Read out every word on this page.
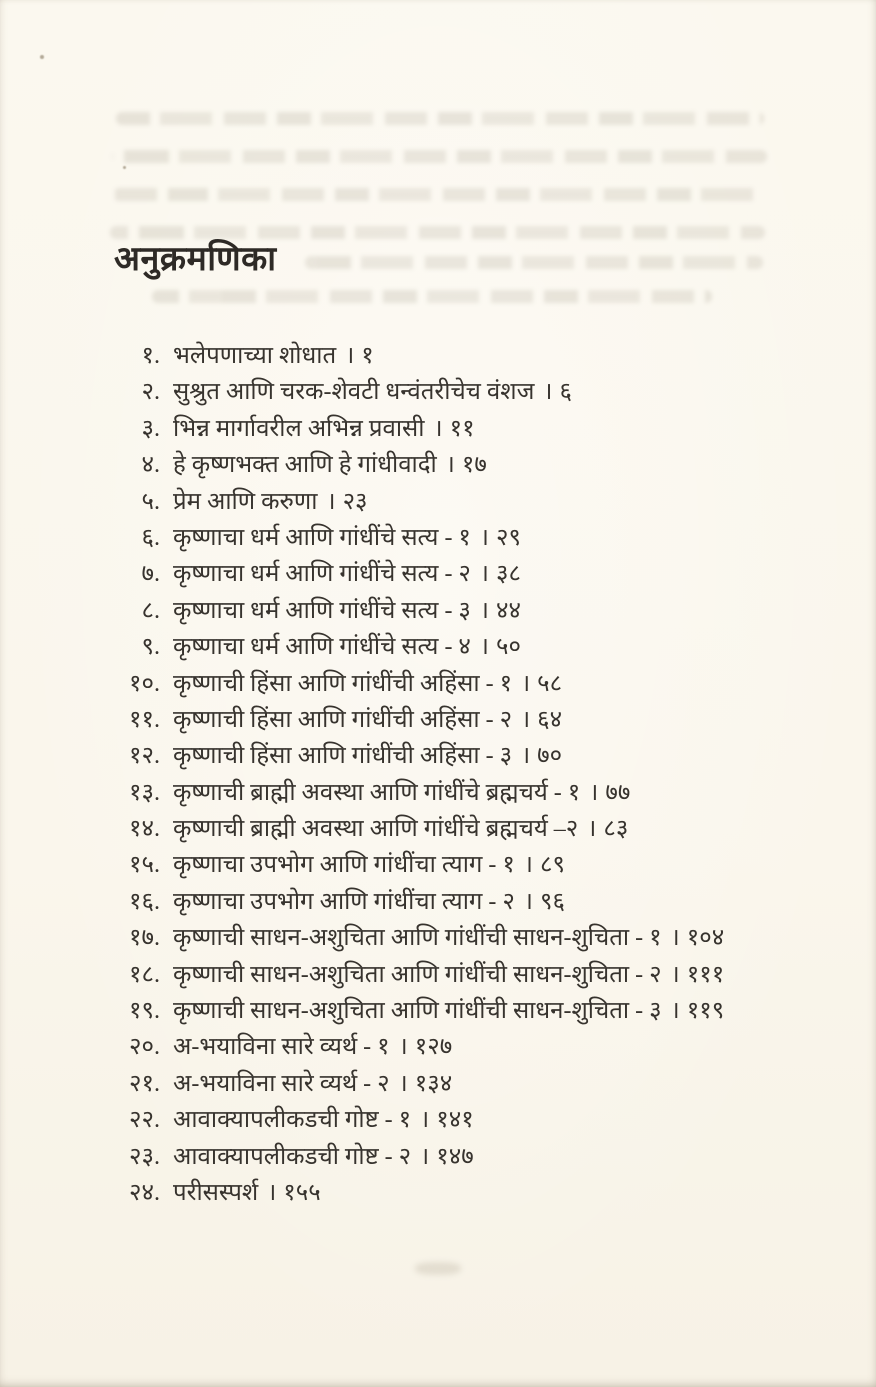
अनुक्रमणिका
१. भलेपणाच्या शोधात । १
२. सुश्रुत आणि चरक-शेवटी धन्वंतरीचेच वंशज । ६
३. भिन्न मार्गावरील अभिन्न प्रवासी । ११
४. हे कृष्णभक्त आणि हे गांधीवादी । १७
५. प्रेम आणि करुणा । २३
६. कृष्णाचा धर्म आणि गांधींचे सत्य - १ । २९
७. कृष्णाचा धर्म आणि गांधींचे सत्य - २ । ३८
८. कृष्णाचा धर्म आणि गांधींचे सत्य - ३ । ४४
९. कृष्णाचा धर्म आणि गांधींचे सत्य - ४ । ५०
१०. कृष्णाची हिंसा आणि गांधींची अहिंसा - १ । ५८
११. कृष्णाची हिंसा आणि गांधींची अहिंसा - २ । ६४
१२. कृष्णाची हिंसा आणि गांधींची अहिंसा - ३ । ७०
१३. कृष्णाची ब्राह्मी अवस्था आणि गांधींचे ब्रह्मचर्य - १ । ७७
१४. कृष्णाची ब्राह्मी अवस्था आणि गांधींचे ब्रह्मचर्य –२ । ८३
१५. कृष्णाचा उपभोग आणि गांधींचा त्याग - १ । ८९
१६. कृष्णाचा उपभोग आणि गांधींचा त्याग - २ । ९६
१७. कृष्णाची साधन-अशुचिता आणि गांधींची साधन-शुचिता - १ । १०४
१८. कृष्णाची साधन-अशुचिता आणि गांधींची साधन-शुचिता - २ । १११
१९. कृष्णाची साधन-अशुचिता आणि गांधींची साधन-शुचिता - ३ । ११९
२०. अ-भयाविना सारे व्यर्थ - १ । १२७
२१. अ-भयाविना सारे व्यर्थ - २ । १३४
२२. आवाक्यापलीकडची गोष्ट - १ । १४१
२३. आवाक्यापलीकडची गोष्ट - २ । १४७
२४. परीसस्पर्श । १५५
